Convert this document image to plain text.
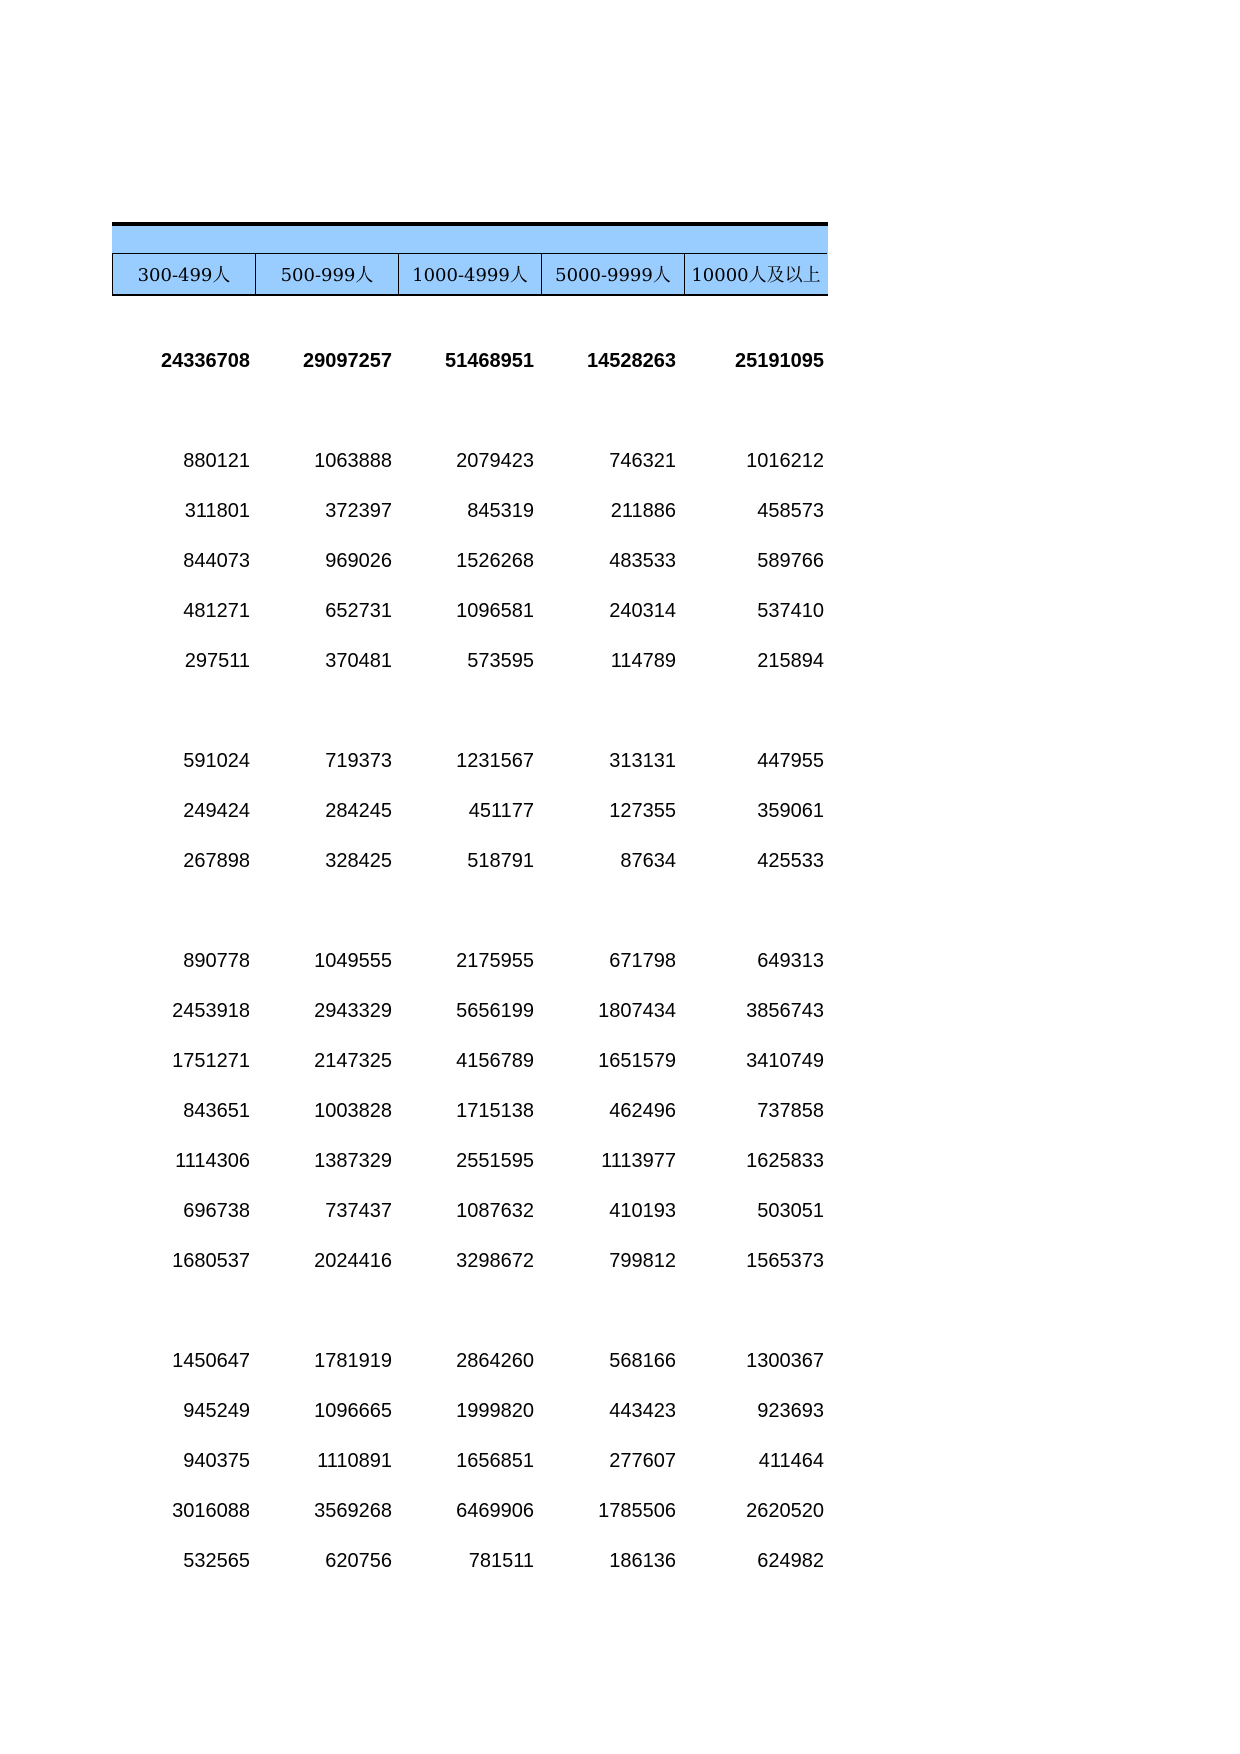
300-499人	500-999人	1000-4999人	5000-9999人	10000人及以上
24336708	29097257	51468951	14528263	25191095
880121	1063888	2079423	746321	1016212
311801	372397	845319	211886	458573
844073	969026	1526268	483533	589766
481271	652731	1096581	240314	537410
297511	370481	573595	114789	215894
591024	719373	1231567	313131	447955
249424	284245	451177	127355	359061
267898	328425	518791	87634	425533
890778	1049555	2175955	671798	649313
2453918	2943329	5656199	1807434	3856743
1751271	2147325	4156789	1651579	3410749
843651	1003828	1715138	462496	737858
1114306	1387329	2551595	1113977	1625833
696738	737437	1087632	410193	503051
1680537	2024416	3298672	799812	1565373
1450647	1781919	2864260	568166	1300367
945249	1096665	1999820	443423	923693
940375	1110891	1656851	277607	411464
3016088	3569268	6469906	1785506	2620520
532565	620756	781511	186136	624982
